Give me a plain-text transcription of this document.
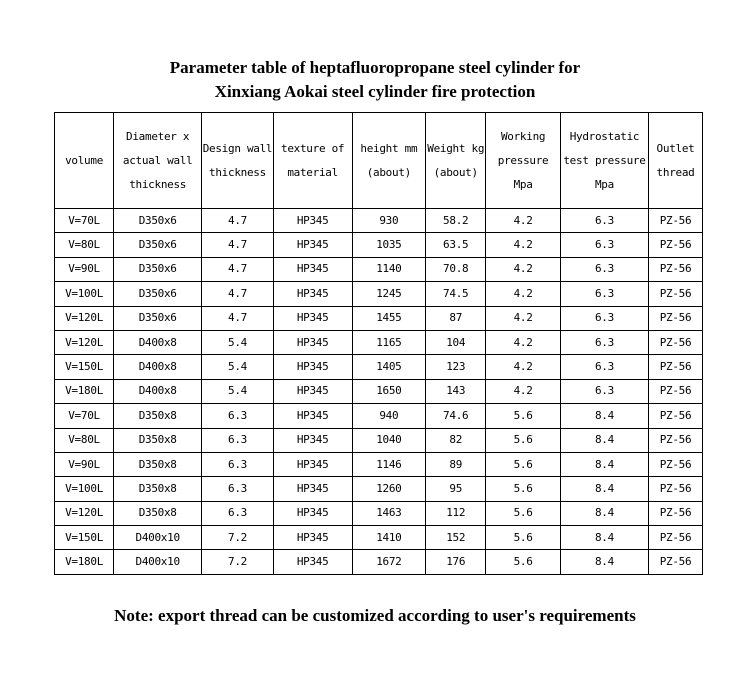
Parameter table of heptafluoropropane steel cylinder for
Xinxiang Aokai steel cylinder fire protection
volume	Diameter x actual wall thickness	Design wall thickness	texture of material	height mm (about)	Weight kg (about)	Working pressure Mpa	Hydrostatic test pressure Mpa	Outlet thread
V=70L	D350x6	4.7	HP345	930	58.2	4.2	6.3	PZ-56
V=80L	D350x6	4.7	HP345	1035	63.5	4.2	6.3	PZ-56
V=90L	D350x6	4.7	HP345	1140	70.8	4.2	6.3	PZ-56
V=100L	D350x6	4.7	HP345	1245	74.5	4.2	6.3	PZ-56
V=120L	D350x6	4.7	HP345	1455	87	4.2	6.3	PZ-56
V=120L	D400x8	5.4	HP345	1165	104	4.2	6.3	PZ-56
V=150L	D400x8	5.4	HP345	1405	123	4.2	6.3	PZ-56
V=180L	D400x8	5.4	HP345	1650	143	4.2	6.3	PZ-56
V=70L	D350x8	6.3	HP345	940	74.6	5.6	8.4	PZ-56
V=80L	D350x8	6.3	HP345	1040	82	5.6	8.4	PZ-56
V=90L	D350x8	6.3	HP345	1146	89	5.6	8.4	PZ-56
V=100L	D350x8	6.3	HP345	1260	95	5.6	8.4	PZ-56
V=120L	D350x8	6.3	HP345	1463	112	5.6	8.4	PZ-56
V=150L	D400x10	7.2	HP345	1410	152	5.6	8.4	PZ-56
V=180L	D400x10	7.2	HP345	1672	176	5.6	8.4	PZ-56
Note: export thread can be customized according to user's requirements
